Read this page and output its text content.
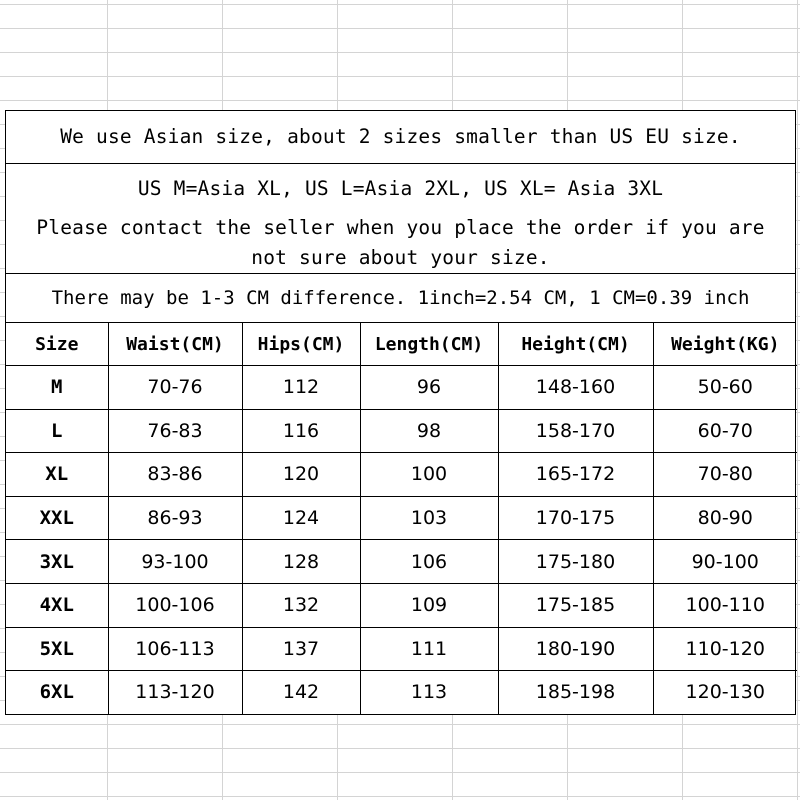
We use Asian size, about 2 sizes smaller than US EU size.
US M=Asia XL, US L=Asia 2XL, US XL= Asia 3XL
Please contact the seller when you place the order if you are not sure about your size.
There may be 1-3 CM difference. 1inch=2.54 CM, 1 CM=0.39 inch
Size	Waist(CM)	Hips(CM)	Length(CM)	Height(CM)	Weight(KG)
M	70-76	112	96	148-160	50-60
L	76-83	116	98	158-170	60-70
XL	83-86	120	100	165-172	70-80
XXL	86-93	124	103	170-175	80-90
3XL	93-100	128	106	175-180	90-100
4XL	100-106	132	109	175-185	100-110
5XL	106-113	137	111	180-190	110-120
6XL	113-120	142	113	185-198	120-130
